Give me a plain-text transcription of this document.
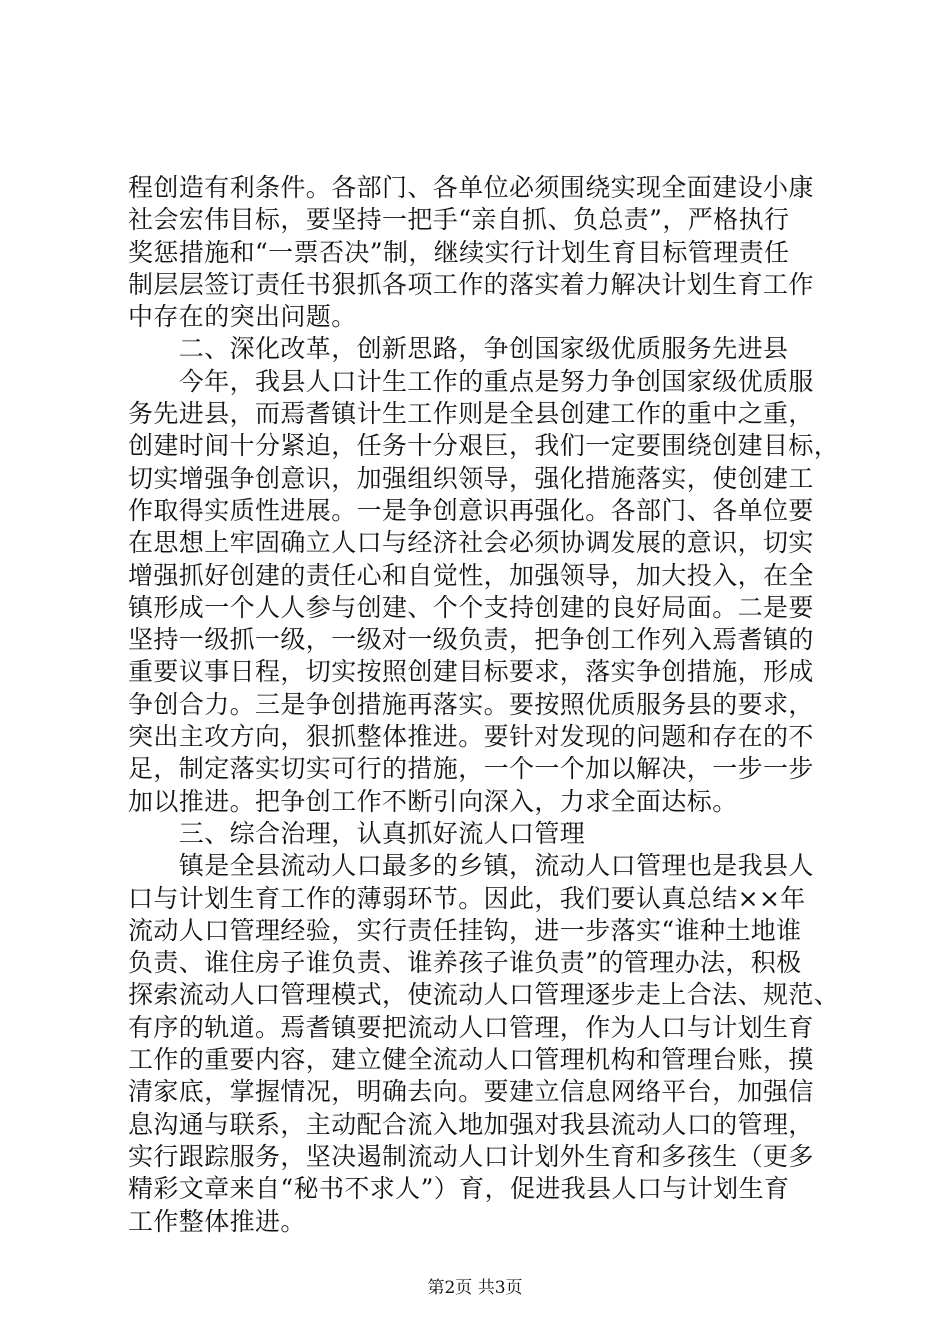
程创造有利条件。各部门、各单位必须围绕实现全面建设小康
社会宏伟目标，要坚持一把手“亲自抓、负总责”，严格执行
奖惩措施和“一票否决”制，继续实行计划生育目标管理责任
制层层签订责任书狠抓各项工作的落实着力解决计划生育工作
中存在的突出问题。
　　二、深化改革，创新思路，争创国家级优质服务先进县
　　今年，我县人口计生工作的重点是努力争创国家级优质服
务先进县，而焉耆镇计生工作则是全县创建工作的重中之重，
创建时间十分紧迫，任务十分艰巨，我们一定要围绕创建目标，
切实增强争创意识，加强组织领导，强化措施落实，使创建工
作取得实质性进展。一是争创意识再强化。各部门、各单位要
在思想上牢固确立人口与经济社会必须协调发展的意识，切实
增强抓好创建的责任心和自觉性，加强领导，加大投入，在全
镇形成一个人人参与创建、个个支持创建的良好局面。二是要
坚持一级抓一级，一级对一级负责，把争创工作列入焉耆镇的
重要议事日程，切实按照创建目标要求，落实争创措施，形成
争创合力。三是争创措施再落实。要按照优质服务县的要求，
突出主攻方向，狠抓整体推进。要针对发现的问题和存在的不
足，制定落实切实可行的措施，一个一个加以解决，一步一步
加以推进。把争创工作不断引向深入，力求全面达标。
　　三、综合治理，认真抓好流人口管理
　　镇是全县流动人口最多的乡镇，流动人口管理也是我县人
口与计划生育工作的薄弱环节。因此，我们要认真总结××年
流动人口管理经验，实行责任挂钩，进一步落实“谁种土地谁
负责、谁住房子谁负责、谁养孩子谁负责”的管理办法，积极
探索流动人口管理模式，使流动人口管理逐步走上合法、规范、
有序的轨道。焉耆镇要把流动人口管理，作为人口与计划生育
工作的重要内容，建立健全流动人口管理机构和管理台账，摸
清家底，掌握情况，明确去向。要建立信息网络平台，加强信
息沟通与联系，主动配合流入地加强对我县流动人口的管理，
实行跟踪服务，坚决遏制流动人口计划外生育和多孩生（更多
精彩文章来自“秘书不求人”）育，促进我县人口与计划生育
工作整体推进。
第2页 共3页
